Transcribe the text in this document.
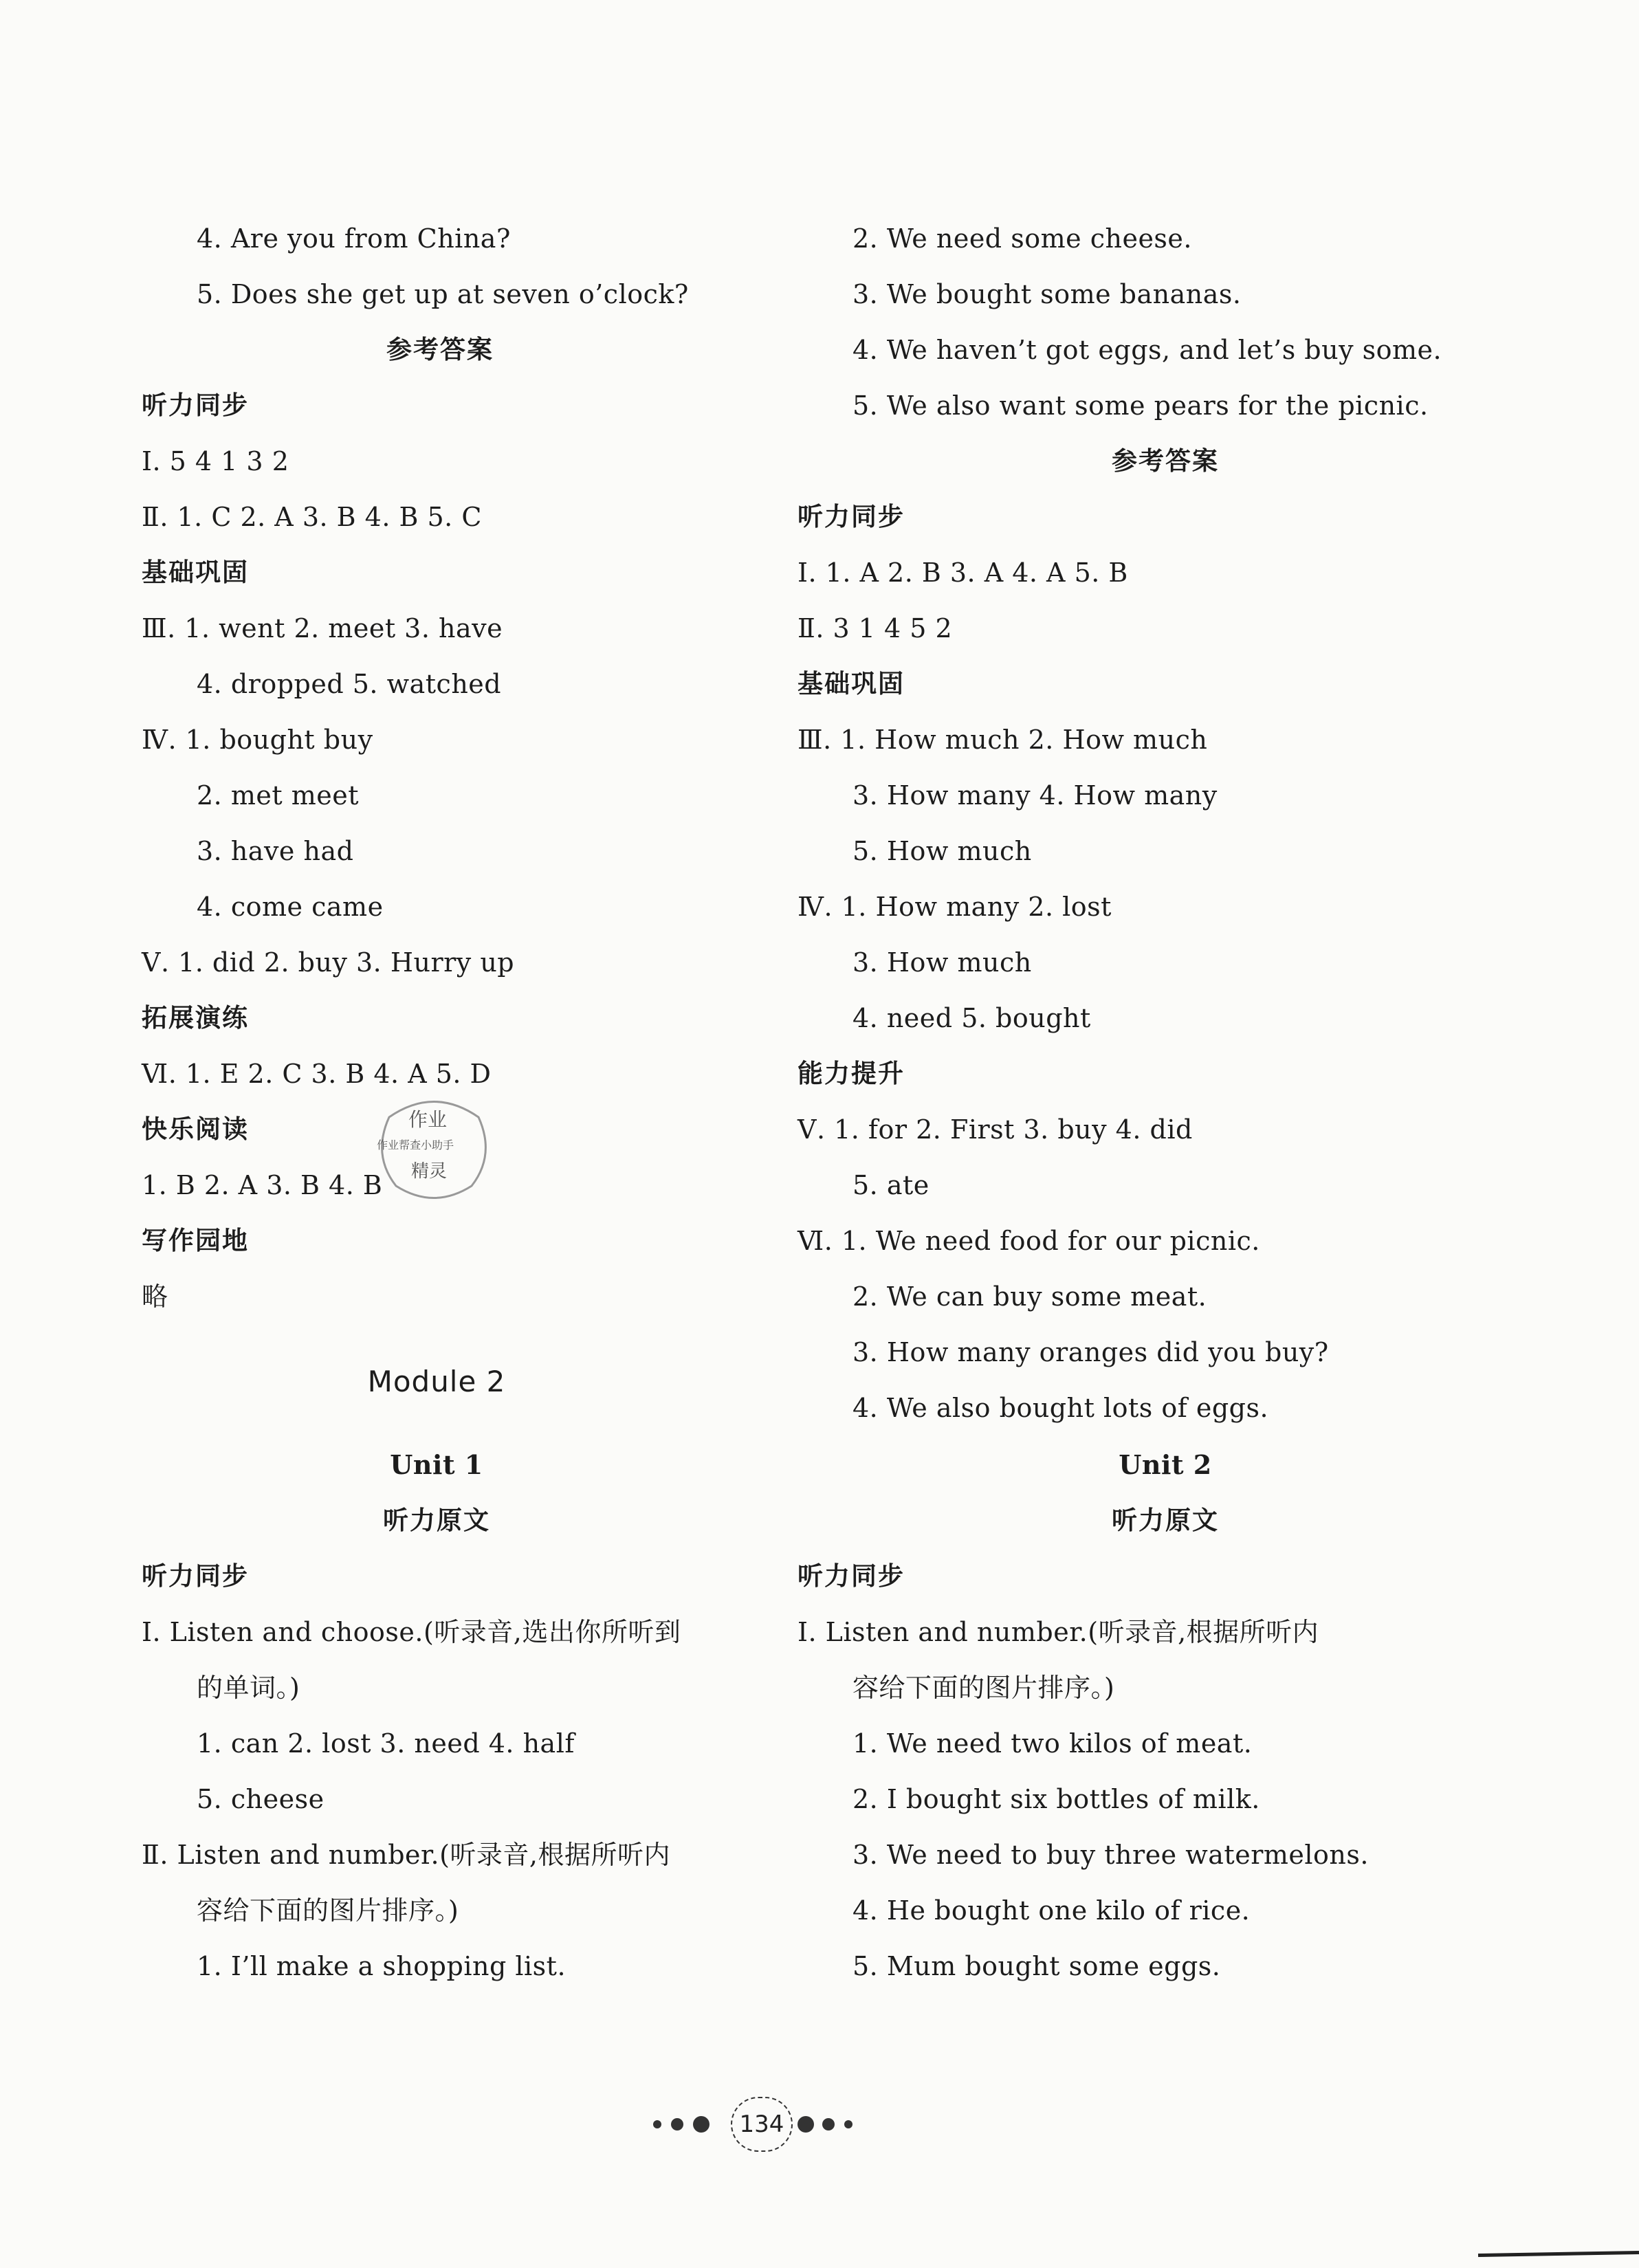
4. Are you from China?
5. Does she get up at seven o’clock?
参考答案
听力同步
Ⅰ. 5 4 1 3 2
Ⅱ. 1. C 2. A 3. B 4. B 5. C
基础巩固
Ⅲ. 1. went 2. meet 3. have
4. dropped 5. watched
Ⅳ. 1. bought buy
2. met meet
3. have had
4. come came
Ⅴ. 1. did 2. buy 3. Hurry up
拓展演练
Ⅵ. 1. E 2. C 3. B 4. A 5. D
快乐阅读
1. B 2. A 3. B 4. B
写作园地
略
Module 2
Unit 1
听力原文
听力同步
Ⅰ. Listen and choose.(听录音,选出你所听到
的单词。)
1. can 2. lost 3. need 4. half
5. cheese
Ⅱ. Listen and number.(听录音,根据所听内
容给下面的图片排序。)
1. I’ll make a shopping list.
作业
作业帮查小助手
精灵
2. We need some cheese.
3. We bought some bananas.
4. We haven’t got eggs, and let’s buy some.
5. We also want some pears for the picnic.
参考答案
听力同步
Ⅰ. 1. A 2. B 3. A 4. A 5. B
Ⅱ. 3 1 4 5 2
基础巩固
Ⅲ. 1. How much 2. How much
3. How many 4. How many
5. How much
Ⅳ. 1. How many 2. lost
3. How much
4. need 5. bought
能力提升
Ⅴ. 1. for 2. First 3. buy 4. did
5. ate
Ⅵ. 1. We need food for our picnic.
2. We can buy some meat.
3. How many oranges did you buy?
4. We also bought lots of eggs.
Unit 2
听力原文
听力同步
Ⅰ. Listen and number.(听录音,根据所听内
容给下面的图片排序。)
1. We need two kilos of meat.
2. I bought six bottles of milk.
3. We need to buy three watermelons.
4. He bought one kilo of rice.
5. Mum bought some eggs.
134
